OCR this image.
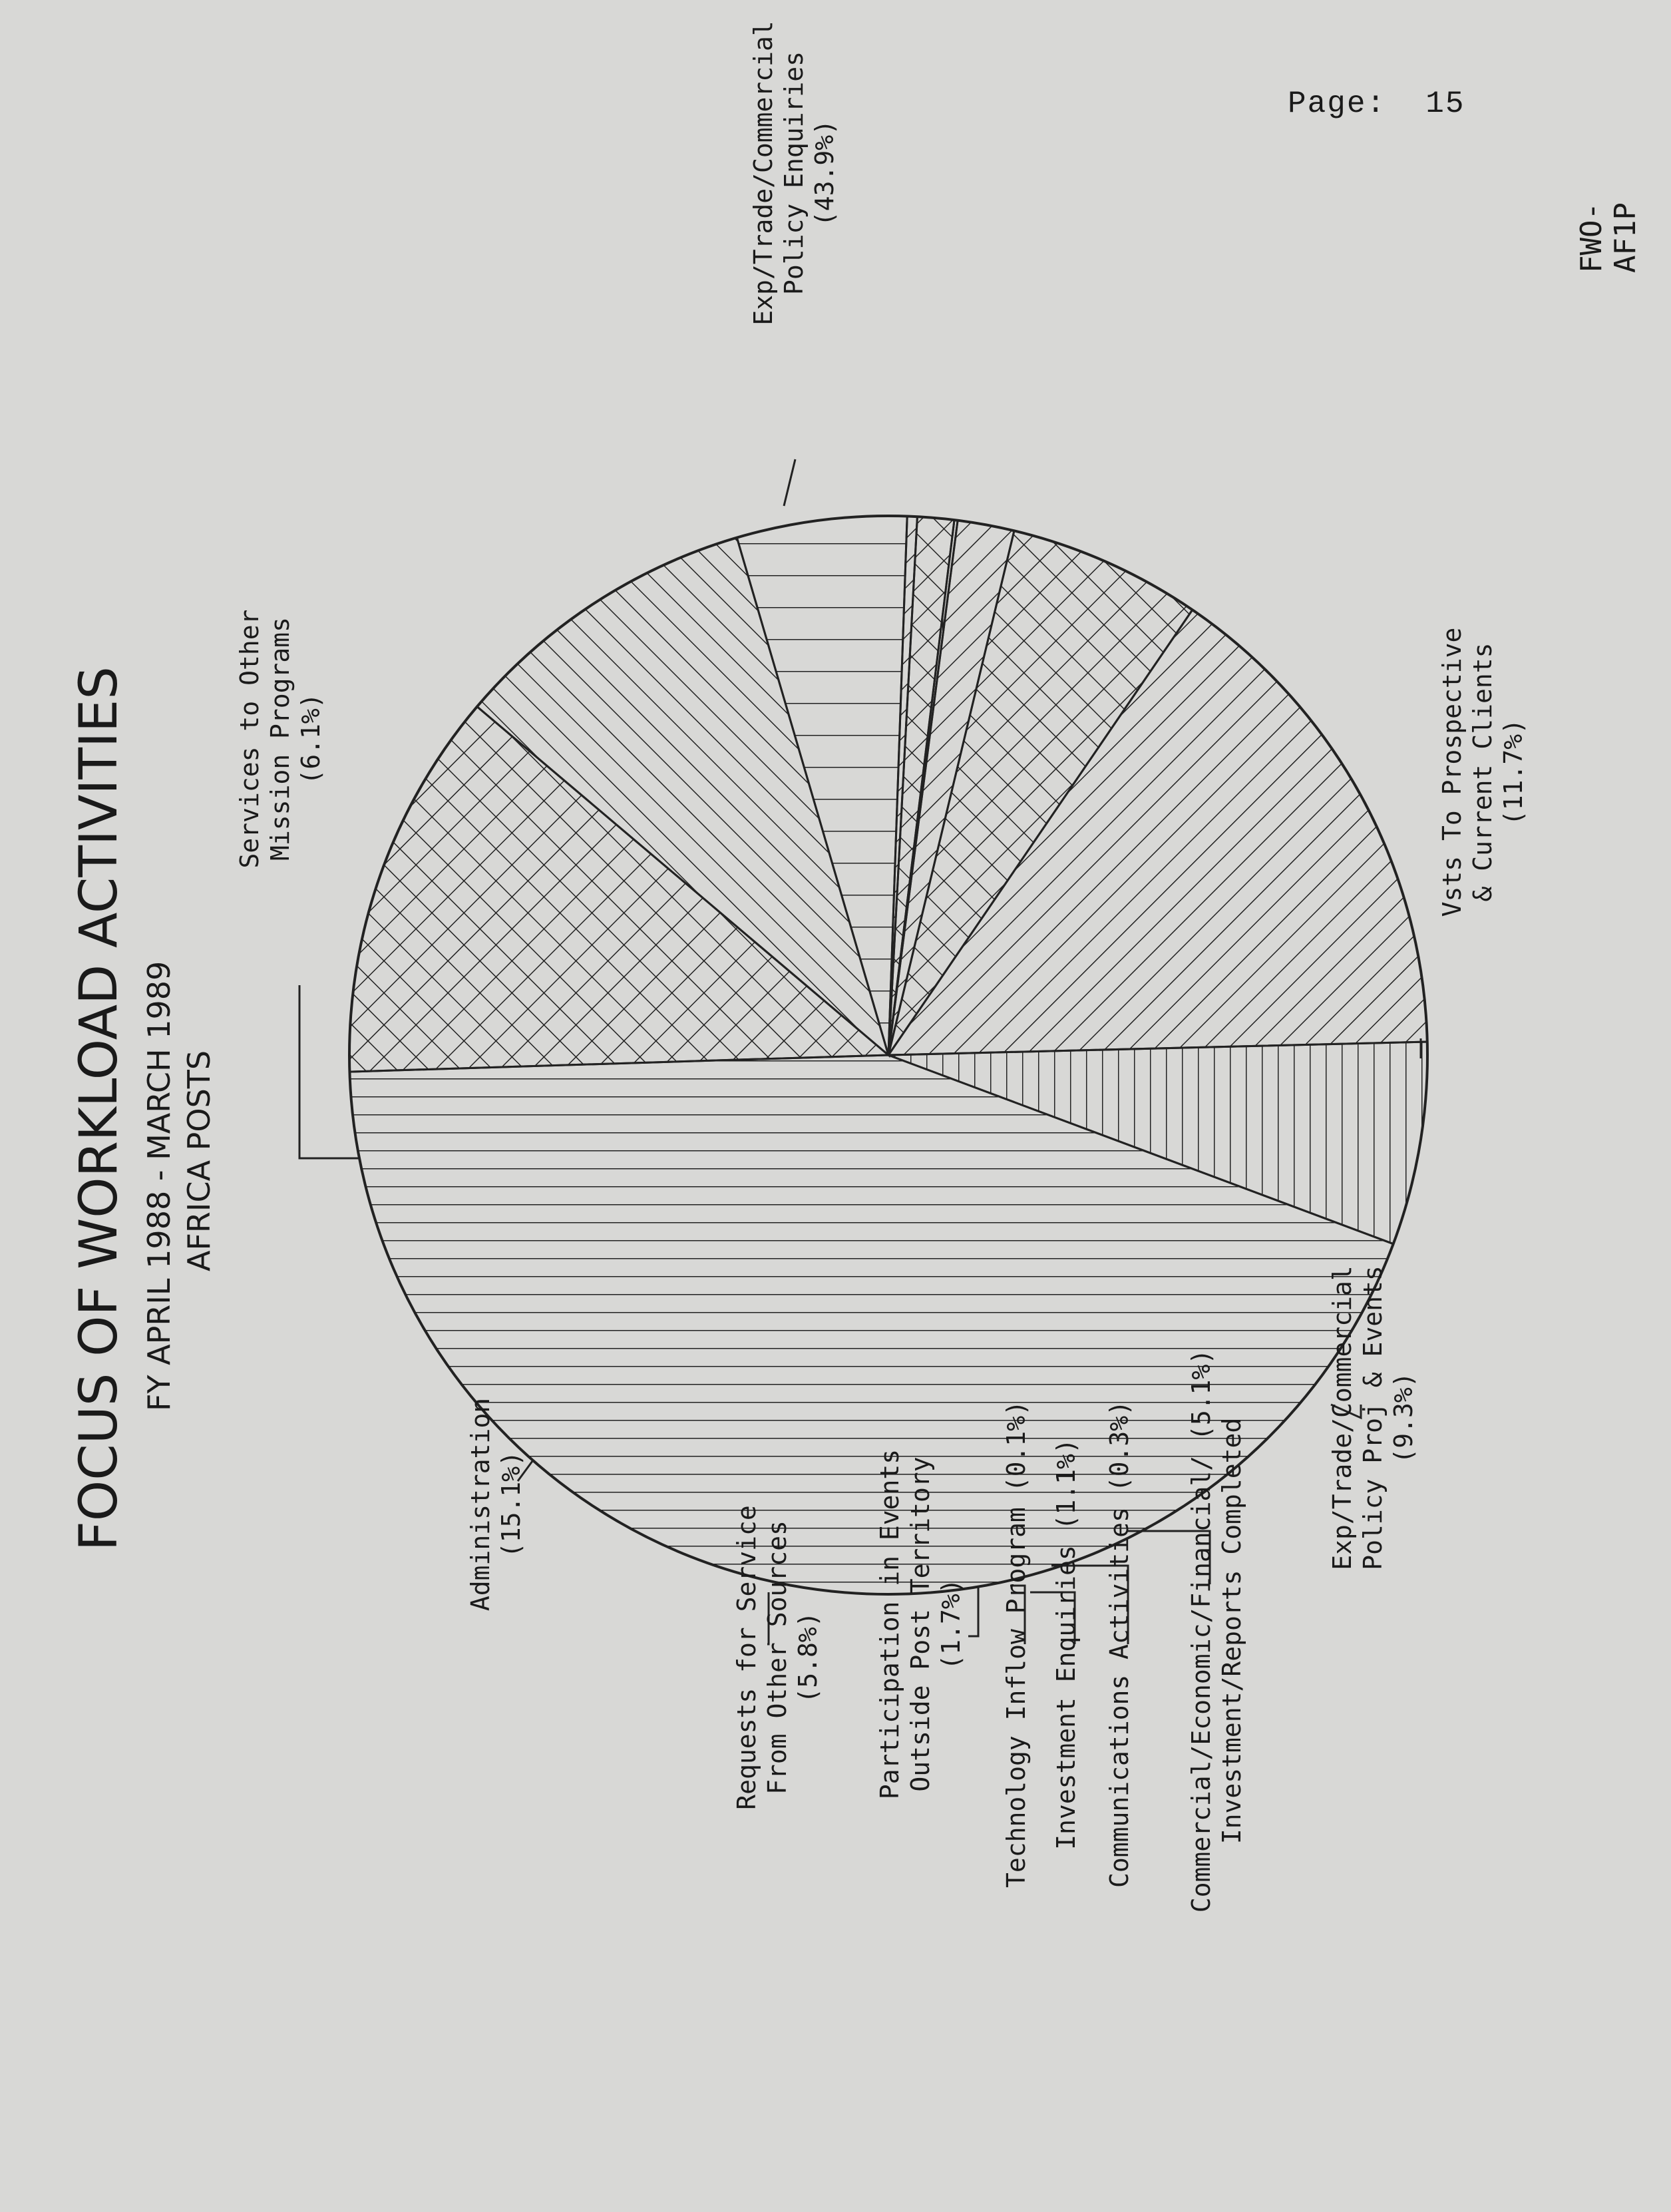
Page:  15
FWO-AF1P
FOCUS OF WORKLOAD ACTIVITIES FY APRIL 1988 - MARCH 1989 AFRICA POSTS
Exp/Trade/Commercial Policy Enquiries (43.9%)
Vsts To Prospective & Current Clients (11.7%)
Exp/Trade/Commercial Policy Proj & Events (9.3%)
Commercial/Economic/Financial/ (5.1%) Investment/Reports Completed
Communications Activities (0.3%)
Investment Enquiries (1.1%)
Technology Inflow Program (0.1%)
Participation in Events Outside Post Territory (1.7%)
Requests for Service From Other Sources (5.8%)
Administration (15.1%)
Services to Other Mission Programs (6.1%)
